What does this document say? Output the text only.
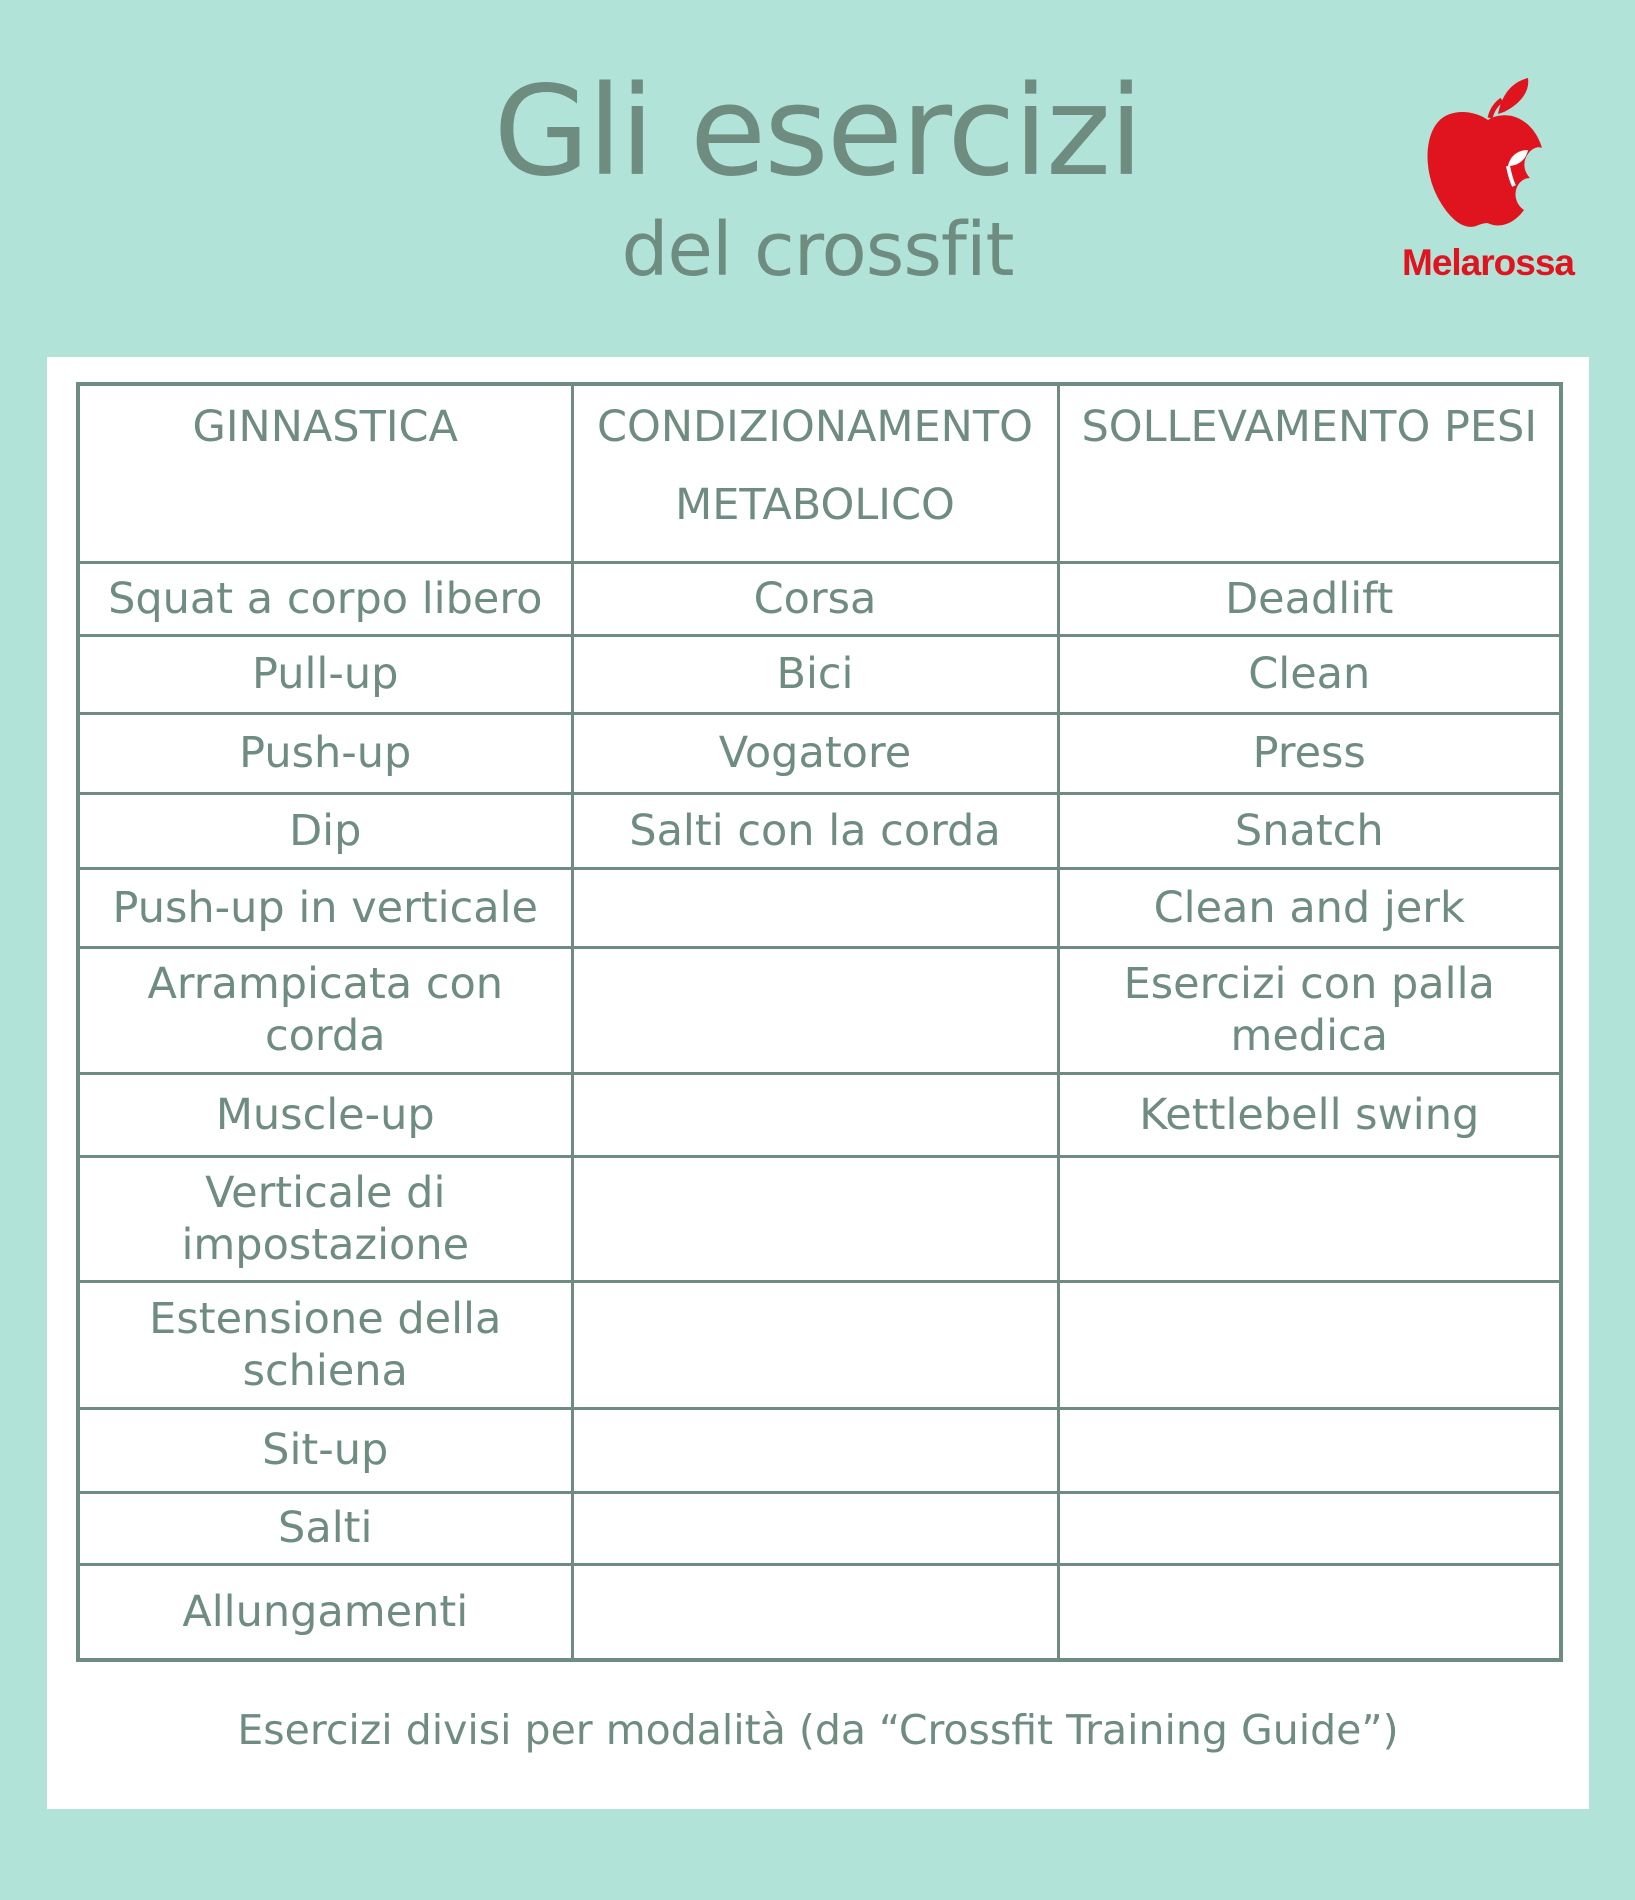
Gli esercizi
del crossfit	Melarossa
GINNASTICA	CONDIZIONAMENTO METABOLICO	SOLLEVAMENTO PESI
Squat a corpo libero	Corsa	Deadlift
Pull-up	Bici	Clean
Push-up	Vogatore	Press
Dip	Salti con la corda	Snatch
Push-up in verticale		Clean and jerk
Arrampicata con corda		Esercizi con palla medica
Muscle-up		Kettlebell swing
Verticale di impostazione		
Estensione della schiena		
Sit-up		
Salti		
Allungamenti		
Esercizi divisi per modalità (da “Crossfit Training Guide”)
